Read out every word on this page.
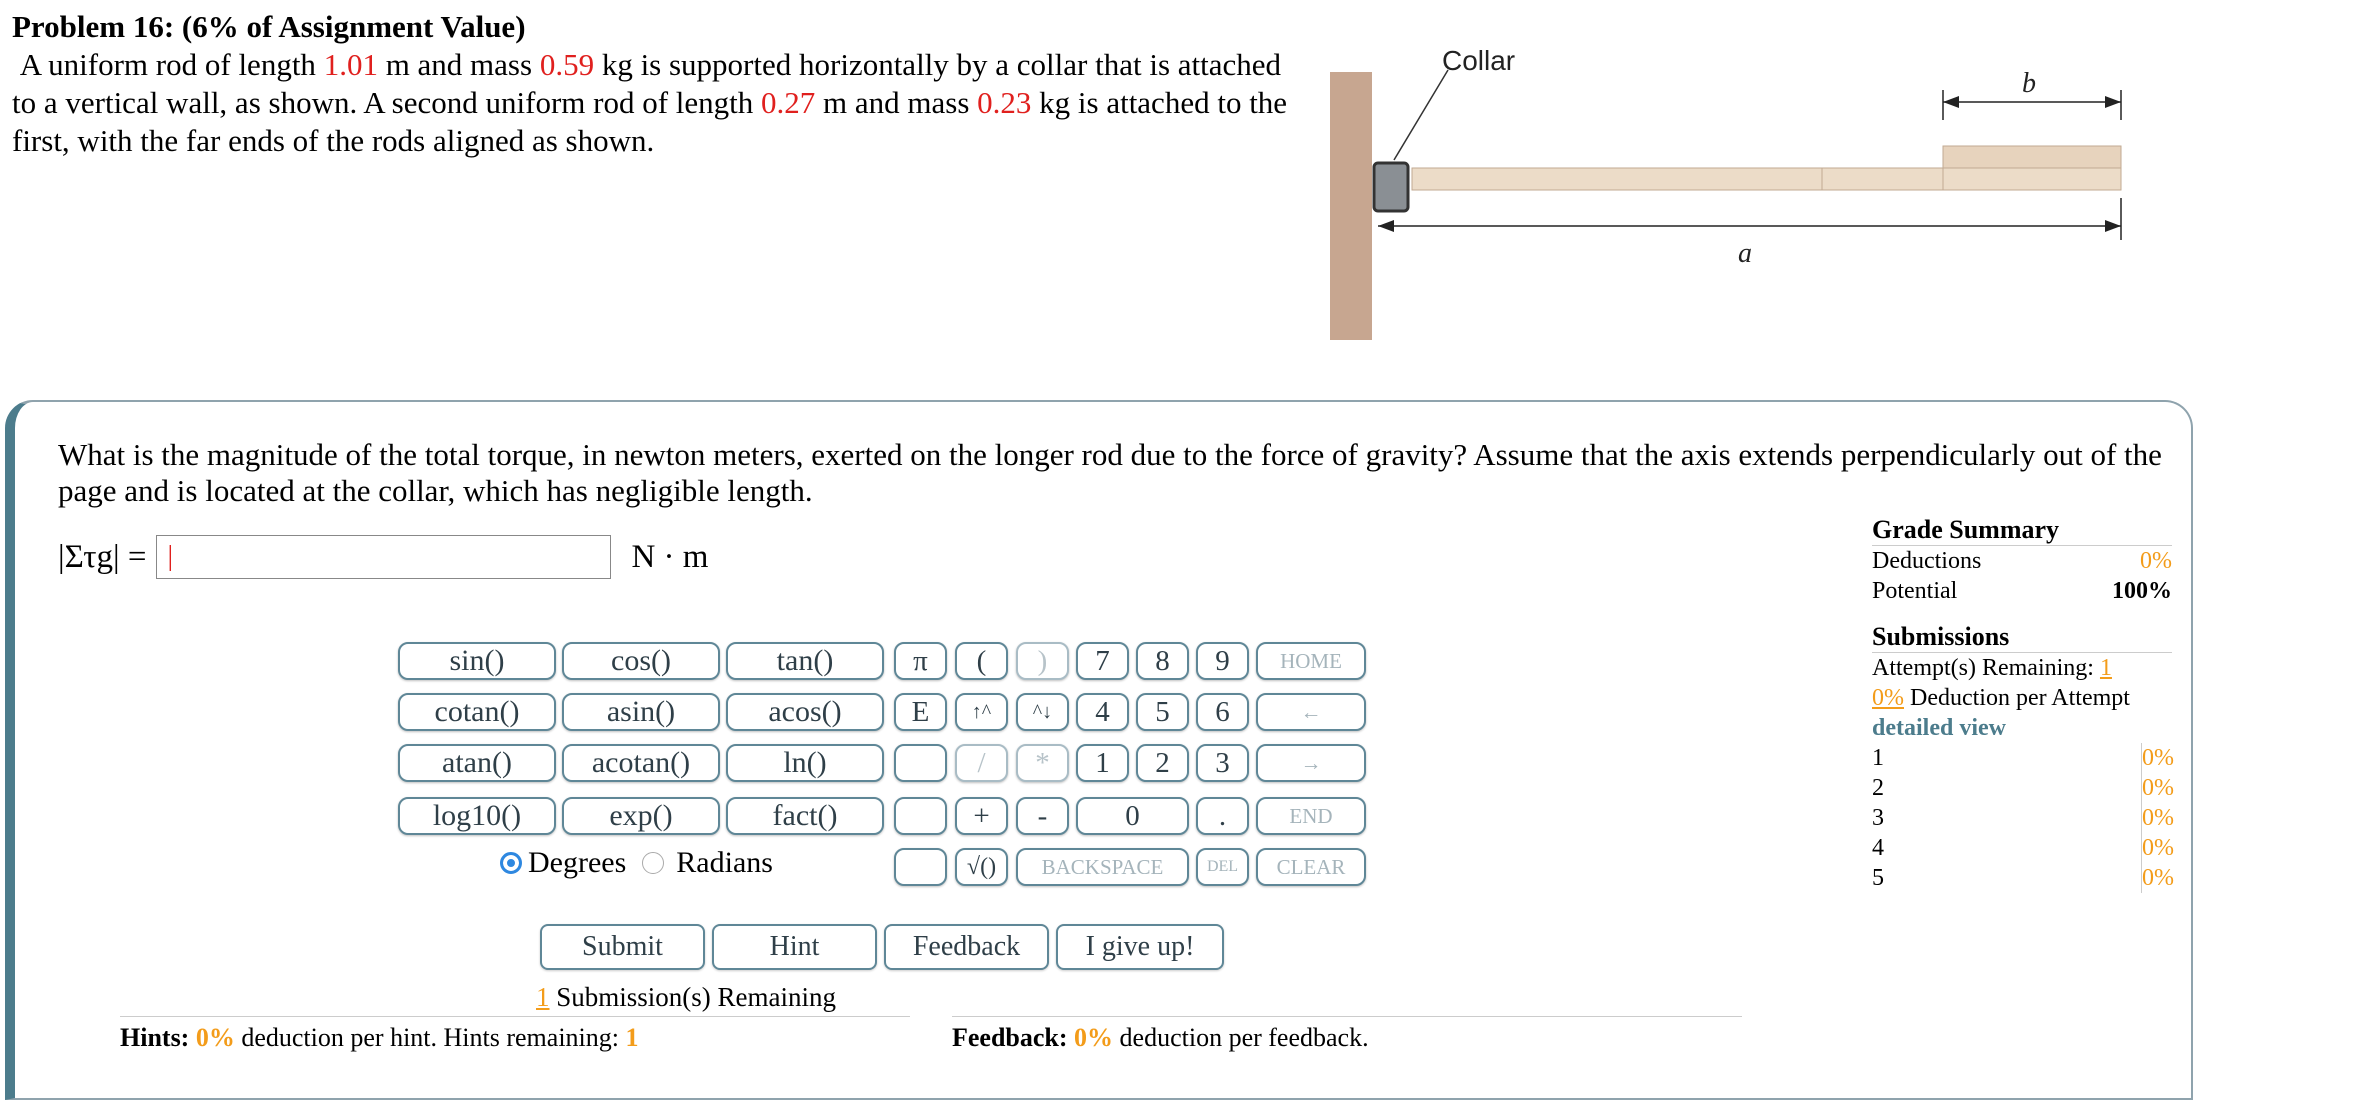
Problem 16: (6% of Assignment Value)
A uniform rod of length 1.01 m and mass 0.59 kg is supported horizontally by a collar that is attached to a vertical wall, as shown. A second uniform rod of length 0.27 m and mass 0.23 kg is attached to the first, with the far ends of the rods aligned as shown.
Collar
b
a
What is the magnitude of the total torque, in newton meters, exerted on the longer rod due to the force of gravity? Assume that the axis extends perpendicularly out of the page and is located at the collar, which has negligible length.
|Στg| =
|	N · m
sin()	cos()	tan()
cotan()	asin()	acos()
atan()	acotan()	ln()
log10()	exp()	fact()
π	(	)	7	8	9	HOME
E	↑^	^↓	4	5	6	←
/	*	1	2	3	→
+	-	0	.	END
√()	BACKSPACE	DEL	CLEAR
Degrees Radians
Submit	Hint	Feedback	I give up!
1 Submission(s) Remaining
Hints: 0% deduction per hint. Hints remaining: 1	Feedback: 0% deduction per feedback.
Grade Summary
Deductions	0%
Potential	100%
Submissions
Attempt(s) Remaining: 1
0% Deduction per Attempt
detailed view
1	0%
2	0%
3	0%
4	0%
5	0%
